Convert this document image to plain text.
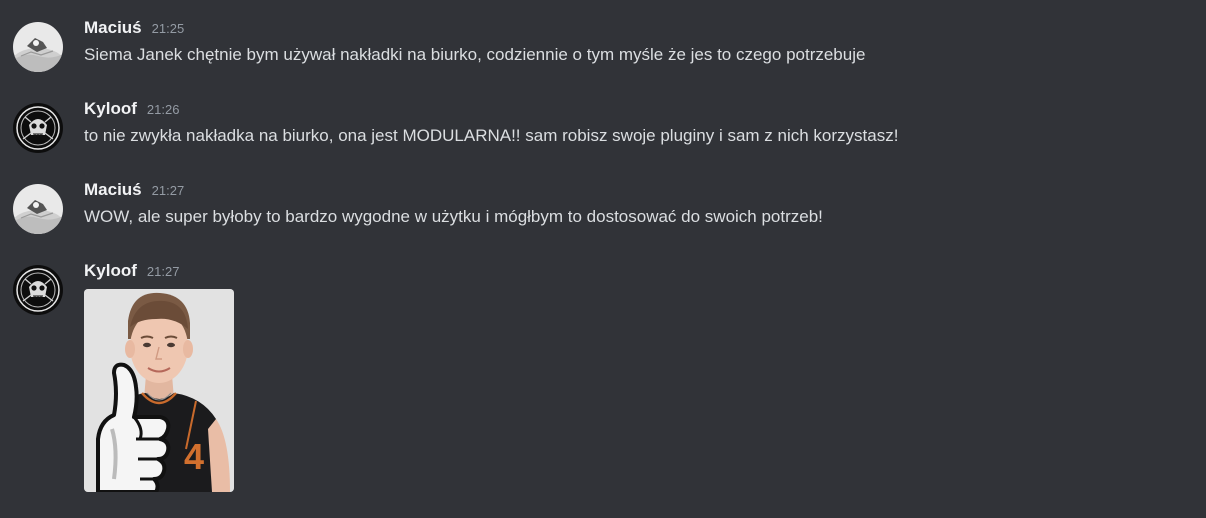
Maciuś 21:25
Siema Janek chętnie bym używał nakładki na biurko, codziennie o tym myśle że jes to czego potrzebuje
Kyloof 21:26
to nie zwykła nakładka na biurko, ona jest MODULARNA!! sam robisz swoje pluginy i sam z nich korzystasz!
Maciuś 21:27
WOW, ale super byłoby to bardzo wygodne w użytku i mógłbym to dostosować do swoich potrzeb!
Kyloof 21:27
4
